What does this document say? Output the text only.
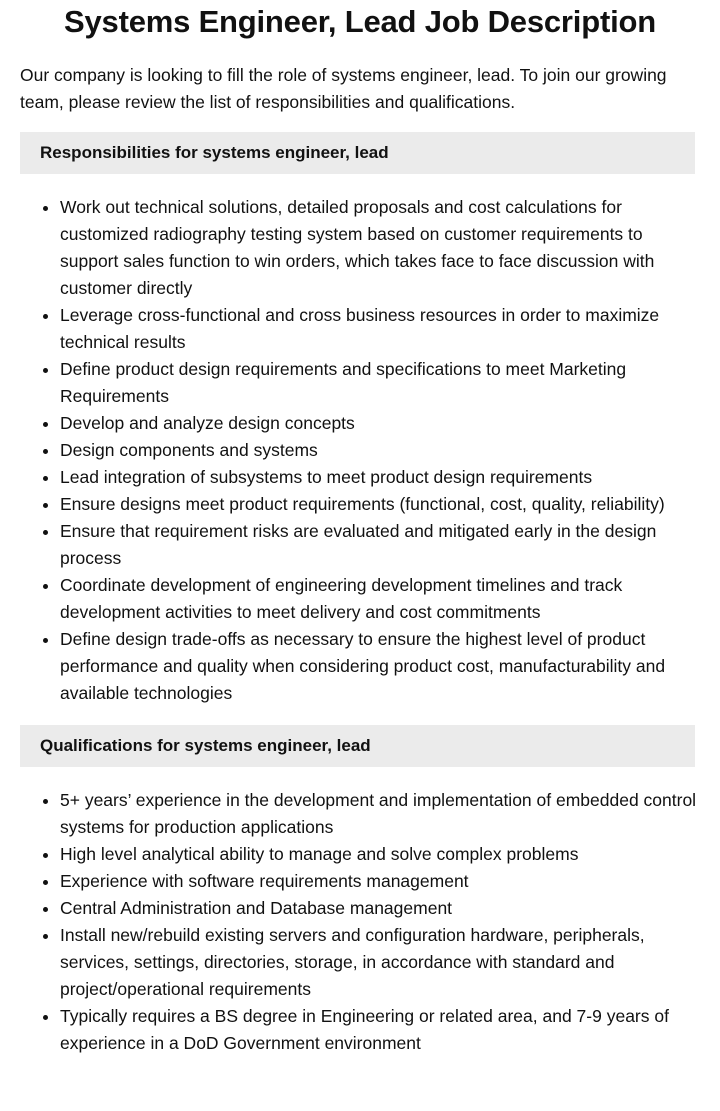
Systems Engineer, Lead Job Description

Our company is looking to fill the role of systems engineer, lead. To join our growing team, please review the list of responsibilities and qualifications.

Responsibilities for systems engineer, lead
• Work out technical solutions, detailed proposals and cost calculations for customized radiography testing system based on customer requirements to support sales function to win orders, which takes face to face discussion with customer directly
• Leverage cross-functional and cross business resources in order to maximize technical results
• Define product design requirements and specifications to meet Marketing Requirements
• Develop and analyze design concepts
• Design components and systems
• Lead integration of subsystems to meet product design requirements
• Ensure designs meet product requirements (functional, cost, quality, reliability)
• Ensure that requirement risks are evaluated and mitigated early in the design process
• Coordinate development of engineering development timelines and track development activities to meet delivery and cost commitments
• Define design trade-offs as necessary to ensure the highest level of product performance and quality when considering product cost, manufacturability and available technologies
Qualifications for systems engineer, lead
• 5+ years’ experience in the development and implementation of embedded control systems for production applications
• High level analytical ability to manage and solve complex problems
• Experience with software requirements management
• Central Administration and Database management
• Install new/rebuild existing servers and configuration hardware, peripherals, services, settings, directories, storage, in accordance with standard and project/operational requirements
• Typically requires a BS degree in Engineering or related area, and 7-9 years of experience in a DoD Government environment
